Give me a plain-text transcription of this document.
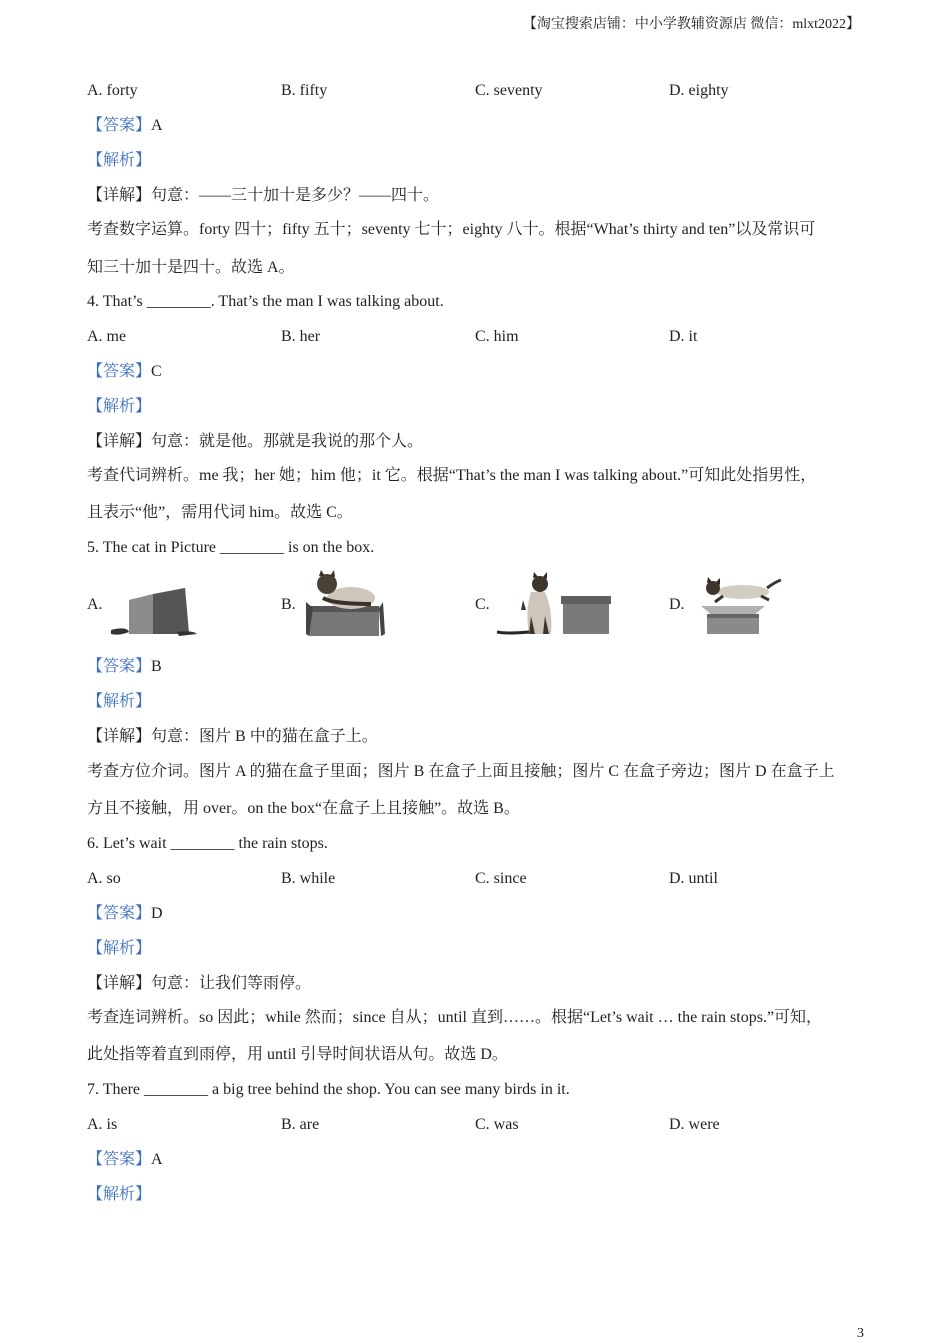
【淘宝搜索店铺：中小学教辅资源店 微信：mlxt2022】
A. forty	B. fifty	C. seventy	D. eighty
【答案】A
【解析】
【详解】句意：——三十加十是多少？——四十。
考查数字运算。forty 四十；fifty 五十；seventy 七十；eighty 八十。根据“What’s thirty and ten”以及常识可
知三十加十是四十。故选 A。
4. That’s ________. That’s the man I was talking about.
A. me	B. her	C. him	D. it
【答案】C
【解析】
【详解】句意：就是他。那就是我说的那个人。
考查代词辨析。me 我；her 她；him 他；it 它。根据“That’s the man I was talking about.”可知此处指男性，
且表示“他”，需用代词 him。故选 C。
5. The cat in Picture ________ is on the box.
A.	B.	C.	D.
【答案】B
【解析】
【详解】句意：图片 B 中的猫在盒子上。
考查方位介词。图片 A 的猫在盒子里面；图片 B 在盒子上面且接触；图片 C 在盒子旁边；图片 D 在盒子上
方且不接触，用 over。on the box“在盒子上且接触”。故选 B。
6. Let’s wait ________ the rain stops.
A. so	B. while	C. since	D. until
【答案】D
【解析】
【详解】句意：让我们等雨停。
考查连词辨析。so 因此；while 然而；since 自从；until 直到……。根据“Let’s wait … the rain stops.”可知，
此处指等着直到雨停，用 until 引导时间状语从句。故选 D。
7. There ________ a big tree behind the shop. You can see many birds in it.
A. is	B. are	C. was	D. were
【答案】A
【解析】
3
